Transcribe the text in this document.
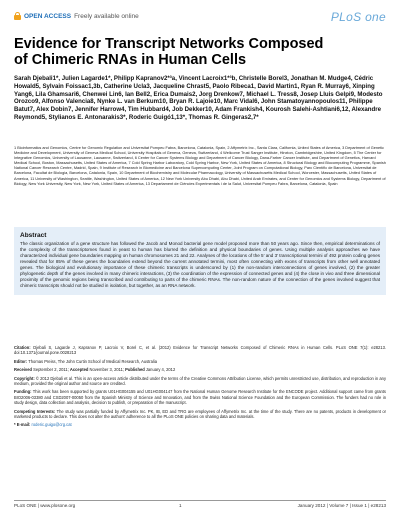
OPEN ACCESS Freely available online	PLoS one
Evidence for Transcript Networks Composed of Chimeric RNAs in Human Cells
Sarah Djebali1*, Julien Lagarde1*, Philipp Kapranov2*³a, Vincent Lacroix1*³b, Christelle Borel3, Jonathan M. Mudge4, Cédric Howald5, Sylvain Foissac1,3b, Catherine Ucla3, Jacqueline Chrast5, Paolo Ribeca1, David Martin1, Ryan R. Murray6, Xinping Yang6, Lila Ghamsari6, Chenwei Lin6, Ian Bell2, Erica Dumais2, Jorg Drenkow7, Michael L. Tress8, Josep Lluis Gelpi9, Modesto Orozco9, Alfonso Valencia8, Nynke L. van Berkum10, Bryan R. Lajoie10, Marc Vidal6, John Stamatoyannopoulos11, Philippe Batut7, Alex Dobin7, Jennifer Harrow4, Tim Hubbard4, Job Dekker10, Adam Frankish4, Kourosh Salehi-Ashtiani6,12, Alexandre Reymond5, Stylianos E. Antonarakis3*, Roderic Guigó1,13*, Thomas R. Gingeras2,7*
1 Bioinformatics and Genomics, Centre for Genomic Regulation and Universitat Pompeu Fabra, Barcelona, Catalonia, Spain, 2 Affymetrix Inc., Santa Clara, California, United States of America, 3 Department of Genetic Medicine and Development, University of Geneva Medical School, University Hospitals of Geneva, Geneva, Switzerland, 4 Wellcome Trust Sanger Institute, Hinxton, Cambridgeshire, United Kingdom, 5 The Center for Integrative Genomics, University of Lausanne, Lausanne, Switzerland, 6 Center for Cancer Systems Biology and Department of Cancer Biology, Dana-Farber Cancer Institute, and Department of Genetics, Harvard Medical School, Boston, Massachusetts, United States of America, 7 Cold Spring Harbor Laboratory, Cold Spring Harbor, New York, United States of America, 8 Structural Biology and Biocomputing Programme, Spanish National Cancer Research Centre, Madrid, Spain, 9 Institute of Research in Biomedicine and Barcelona Supercomputing Center, Joint Program on Computational Biology, Parc Científic de Barcelona, Universitat de Barcelona, Facultat de Biologia, Barcelona, Catalonia, Spain, 10 Department of Biochemistry and Molecular Pharmacology, University of Massachusetts Medical School, Worcester, Massachusetts, United States of America, 11 University of Washington, Seattle, Washington, United States of America, 12 New York University Abu Dhabi, Abu Dhabi, United Arab Emirates, and Center for Genomics and Systems Biology, Department of Biology, New York University, New York, New York, United States of America, 13 Departament de Ciències Experimentals i de la Salut, Universitat Pompeu Fabra, Barcelona, Catalonia, Spain
Abstract

The classic organization of a gene structure has followed the Jacob and Monod bacterial gene model proposed more than 50 years ago. Since then, empirical determinations of the complexity of the transcriptomes found in yeast to human has blurred the definition and physical boundaries of genes. Using multiple analysis approaches we have characterized individual gene boundaries mapping on human chromosomes 21 and 22. Analyses of the locations of the 5′ and 3′ transcriptional termini of 492 protein coding genes revealed that for 85% of these genes the boundaries extend beyond the current annotated termini, most often connecting with exons of transcripts from other well annotated genes. The biological and evolutionary importance of these chimeric transcripts is underscored by (1) the non-random interconnections of genes involved, (2) the greater phylogenetic depth of the genes involved in many chimeric interactions, (3) the coordination of the expression of connected genes and (4) the close in vivo and three dimensional proximity of the genomic regions being transcribed and contributing to parts of the chimeric RNAs. The non-random nature of the connection of the genes involved suggest that chimeric transcripts should not be studied in isolation, but together, as an RNA network.

Citation: Djebali S, Lagarde J, Kapranov P, Lacroix V, Borel C, et al. (2012) Evidence for Transcript Networks Composed of Chimeric RNAs in Human Cells. PLoS ONE 7(1): e28213. doi:10.1371/journal.pone.0028213

Editor: Thomas Preiss, The John Curtin School of Medical Research, Australia

Received September 2, 2011; Accepted November 3, 2011; Published January 4, 2012

Copyright: © 2012 Djebali et al. This is an open-access article distributed under the terms of the Creative Commons Attribution License, which permits unrestricted use, distribution, and reproduction in any medium, provided the original author and source are credited.

Funding: This work has been supported by grants U01HG004155 and U01HG004147 from the National Human Genome Research Institute for the ENCODE project. Additional support came from grants BIO2006-03380 and CSD2007-00050 from the Spanish Ministry of Science and Innovation, and from the Swiss National Science Foundation and the European Commission. The funders had no role in study design, data collection and analysis, decision to publish, or preparation of the manuscript.

Competing Interests: The study was partially funded by Affymetrix Inc. PK, IB, ED and TRG are employees of Affymetrix Inc. at the time of the study. There are no patents, products in development or marketed products to declare. This does not alter the authors' adherence to all the PLoS ONE policies on sharing data and materials.

* E-mail: roderic.guigo@crg.cat

PLoS ONE | www.plosone.org	1	January 2012 | Volume 7 | Issue 1 | e28213
